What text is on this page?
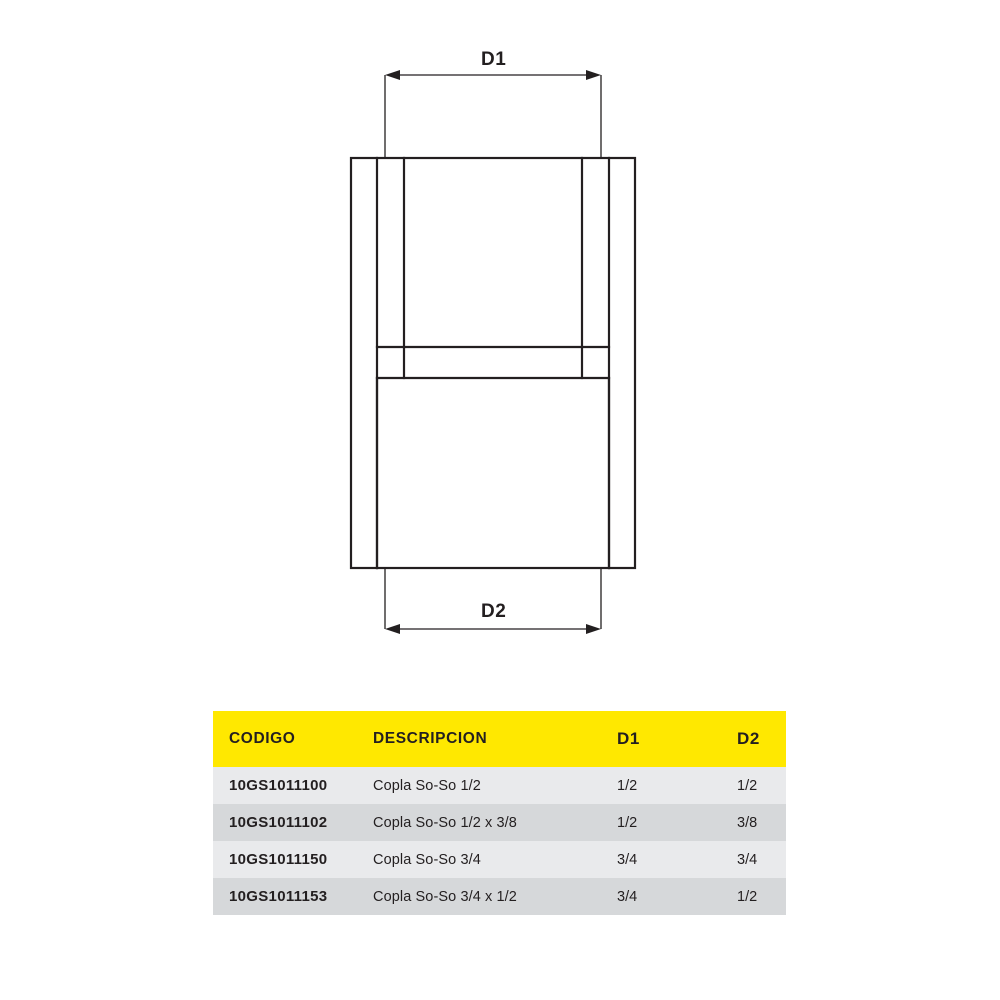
D1
D2
CODIGO	DESCRIPCION	D1	D2
10GS1011100	Copla So-So 1/2	1/2	1/2
10GS1011102	Copla So-So 1/2 x 3/8	1/2	3/8
10GS1011150	Copla So-So 3/4	3/4	3/4
10GS1011153	Copla So-So 3/4 x 1/2	3/4	1/2
